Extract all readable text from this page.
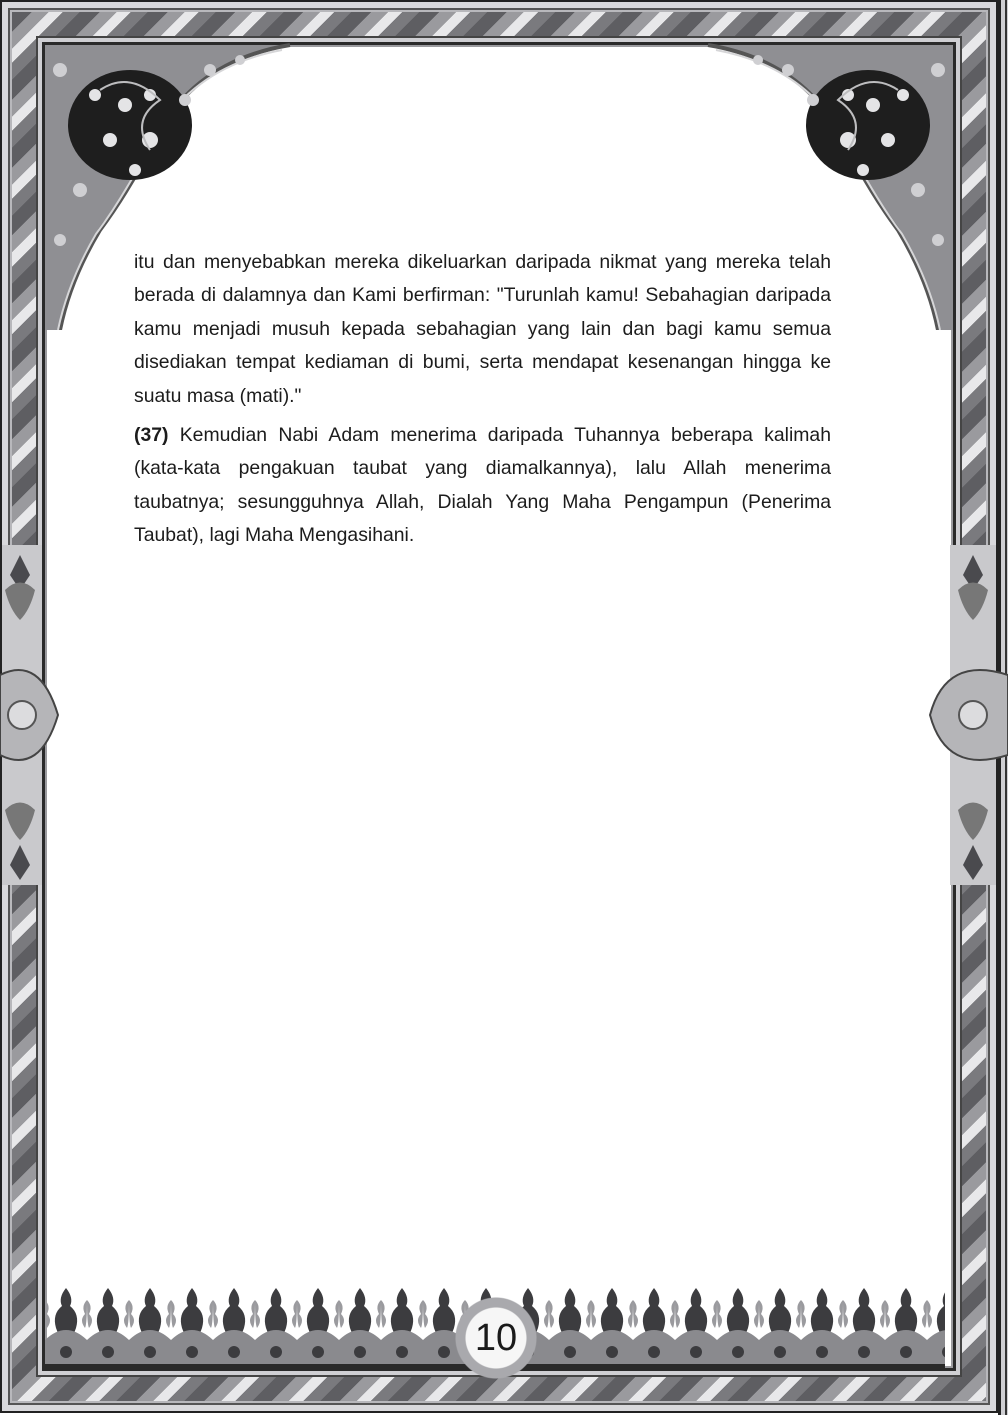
10

itu dan menyebabkan mereka dikeluarkan daripada nikmat yang mereka telah berada di dalamnya dan Kami berfirman: "Turunlah kamu! Sebahagian daripada kamu menjadi musuh kepada sebahagian yang lain dan bagi kamu semua disediakan tempat kediaman di bumi, serta mendapat kesenangan hingga ke suatu masa (mati)."

(37) Kemudian Nabi Adam menerima daripada Tuhannya beberapa kalimah (kata-kata pengakuan taubat yang diamalkannya), lalu Allah menerima taubatnya; sesungguhnya Allah, Dialah Yang Maha Pengampun (Penerima Taubat), lagi Maha Mengasihani.
